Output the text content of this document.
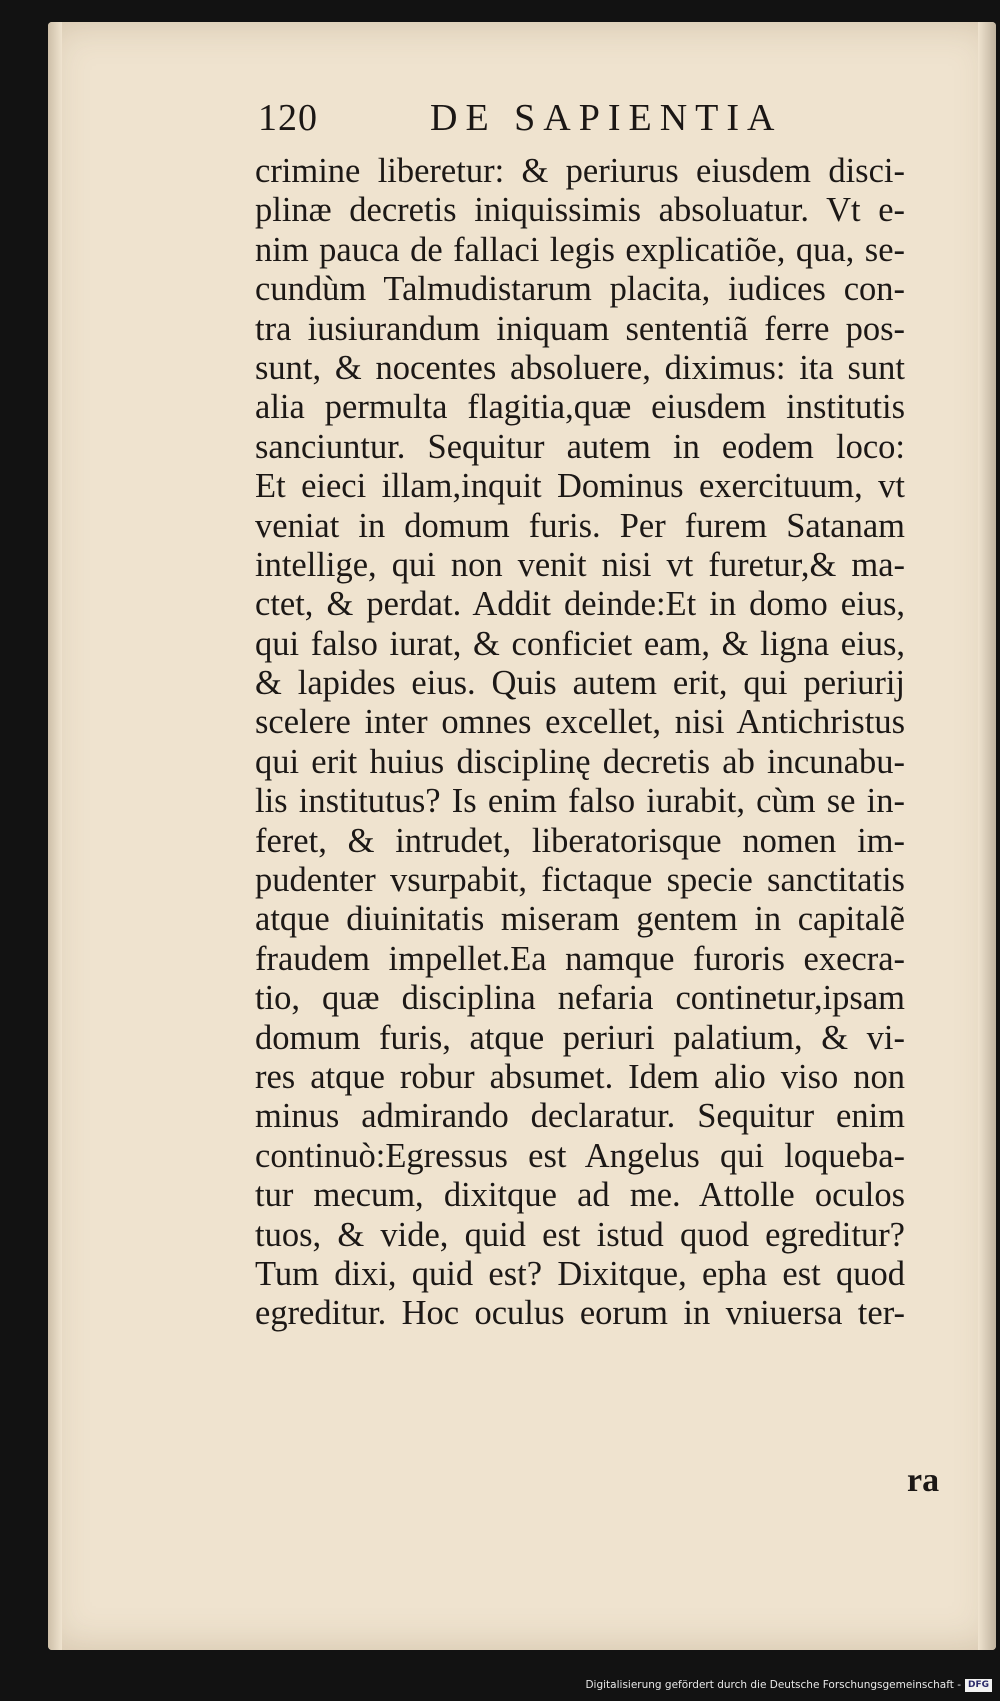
120	DE SAPIENTIA
crimine liberetur: & periurus eiusdem disci-
plinæ decretis iniquissimis absoluatur. Vt e-
nim pauca de fallaci legis explicatiõe, qua, se-
cundùm Talmudistarum placita, iudices con-
tra iusiurandum iniquam sententiã ferre pos-
sunt, & nocentes absoluere, diximus: ita sunt
alia permulta flagitia,quæ eiusdem institutis
sanciuntur. Sequitur autem in eodem loco:
Et eieci illam,inquit Dominus exercituum, vt
veniat in domum furis. Per furem Satanam
intellige, qui non venit nisi vt furetur,& ma-
ctet, & perdat. Addit deinde:Et in domo eius,
qui falso iurat, & conficiet eam, & ligna eius,
& lapides eius. Quis autem erit, qui periurij
scelere inter omnes excellet, nisi Antichristus
qui erit huius disciplinę decretis ab incunabu-
lis institutus? Is enim falso iurabit, cùm se in-
feret, & intrudet, liberatorisque nomen im-
pudenter vsurpabit, fictaque specie sanctitatis
atque diuinitatis miseram gentem in capitalẽ
fraudem impellet.Ea namque furoris execra-
tio, quæ disciplina nefaria continetur,ipsam
domum furis, atque periuri palatium, & vi-
res atque robur absumet. Idem alio viso non
minus admirando declaratur. Sequitur enim
continuò:Egressus est Angelus qui loqueba-
tur mecum, dixitque ad me. Attolle oculos
tuos, & vide, quid est istud quod egreditur?
Tum dixi, quid est? Dixitque, epha est quod
egreditur. Hoc oculus eorum in vniuersa ter-
ra
Digitalisierung gefördert durch die Deutsche Forschungsgemeinschaft - DFG
